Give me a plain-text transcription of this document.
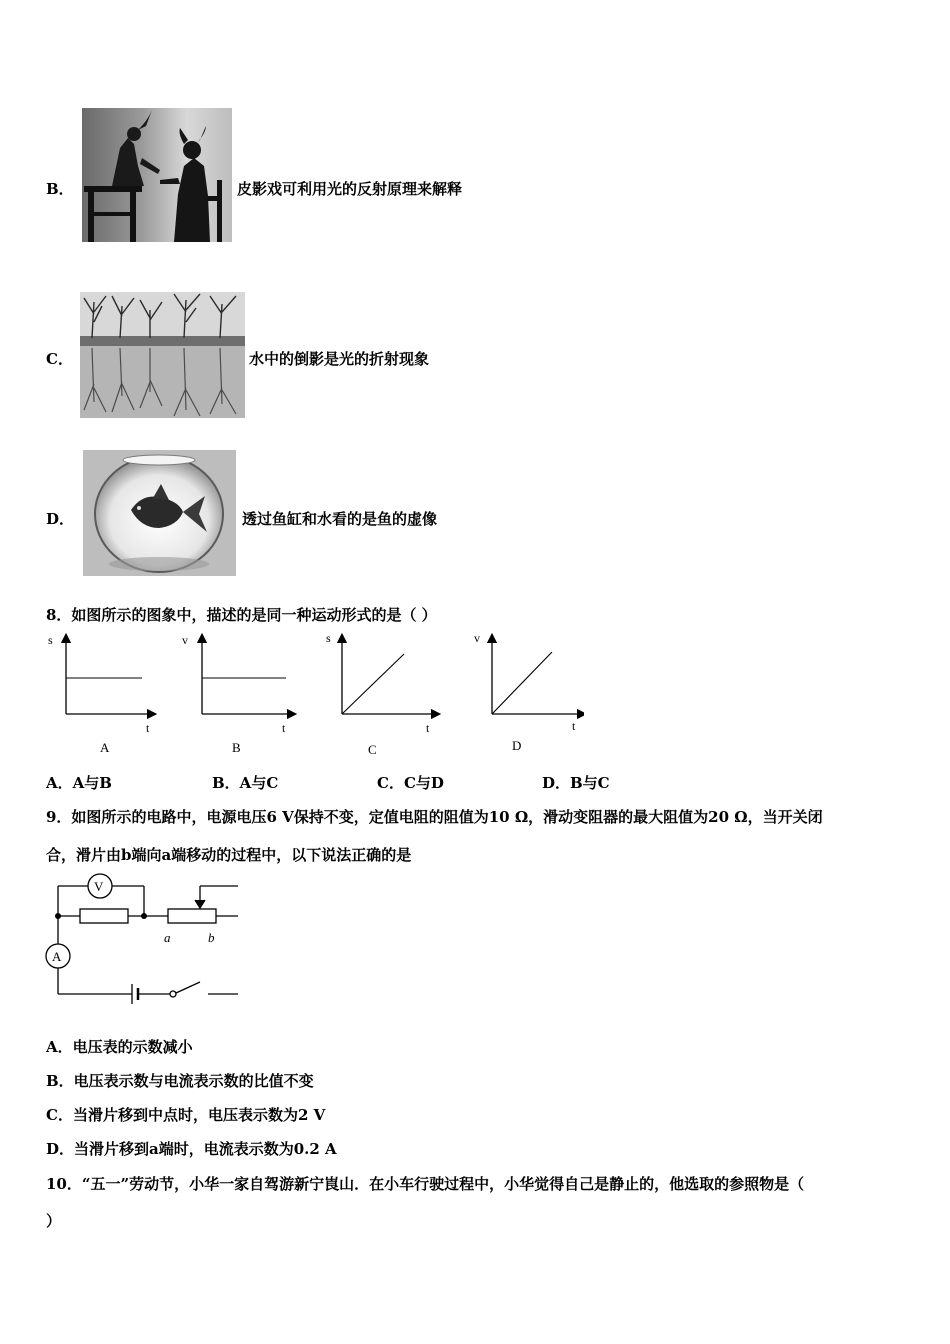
B．	皮影戏可利用光的反射原理来解释
C．	水中的倒影是光的折射现象
D．	透过鱼缸和水看的是鱼的虚像
8．如图所示的图象中，描述的是同一种运动形式的是（ ）
s
t
A
v
t
B
s
t
C
v
t
D
A．A与B	B．A与C	C．C与D	D．B与C
9．如图所示的电路中，电源电压6 V保持不变，定值电阻的阻值为10 Ω，滑动变阻器的最大阻值为20 Ω，当开关闭
合，滑片由b端向a端移动的过程中，以下说法正确的是
V
A
a	b
A．电压表的示数减小
B．电压表示数与电流表示数的比值不变
C．当滑片移到中点时，电压表示数为2 V
D．当滑片移到a端时，电流表示数为0.2 A
10．“五一”劳动节，小华一家自驾游新宁崀山．在小车行驶过程中，小华觉得自己是静止的，他选取的参照物是（
）
